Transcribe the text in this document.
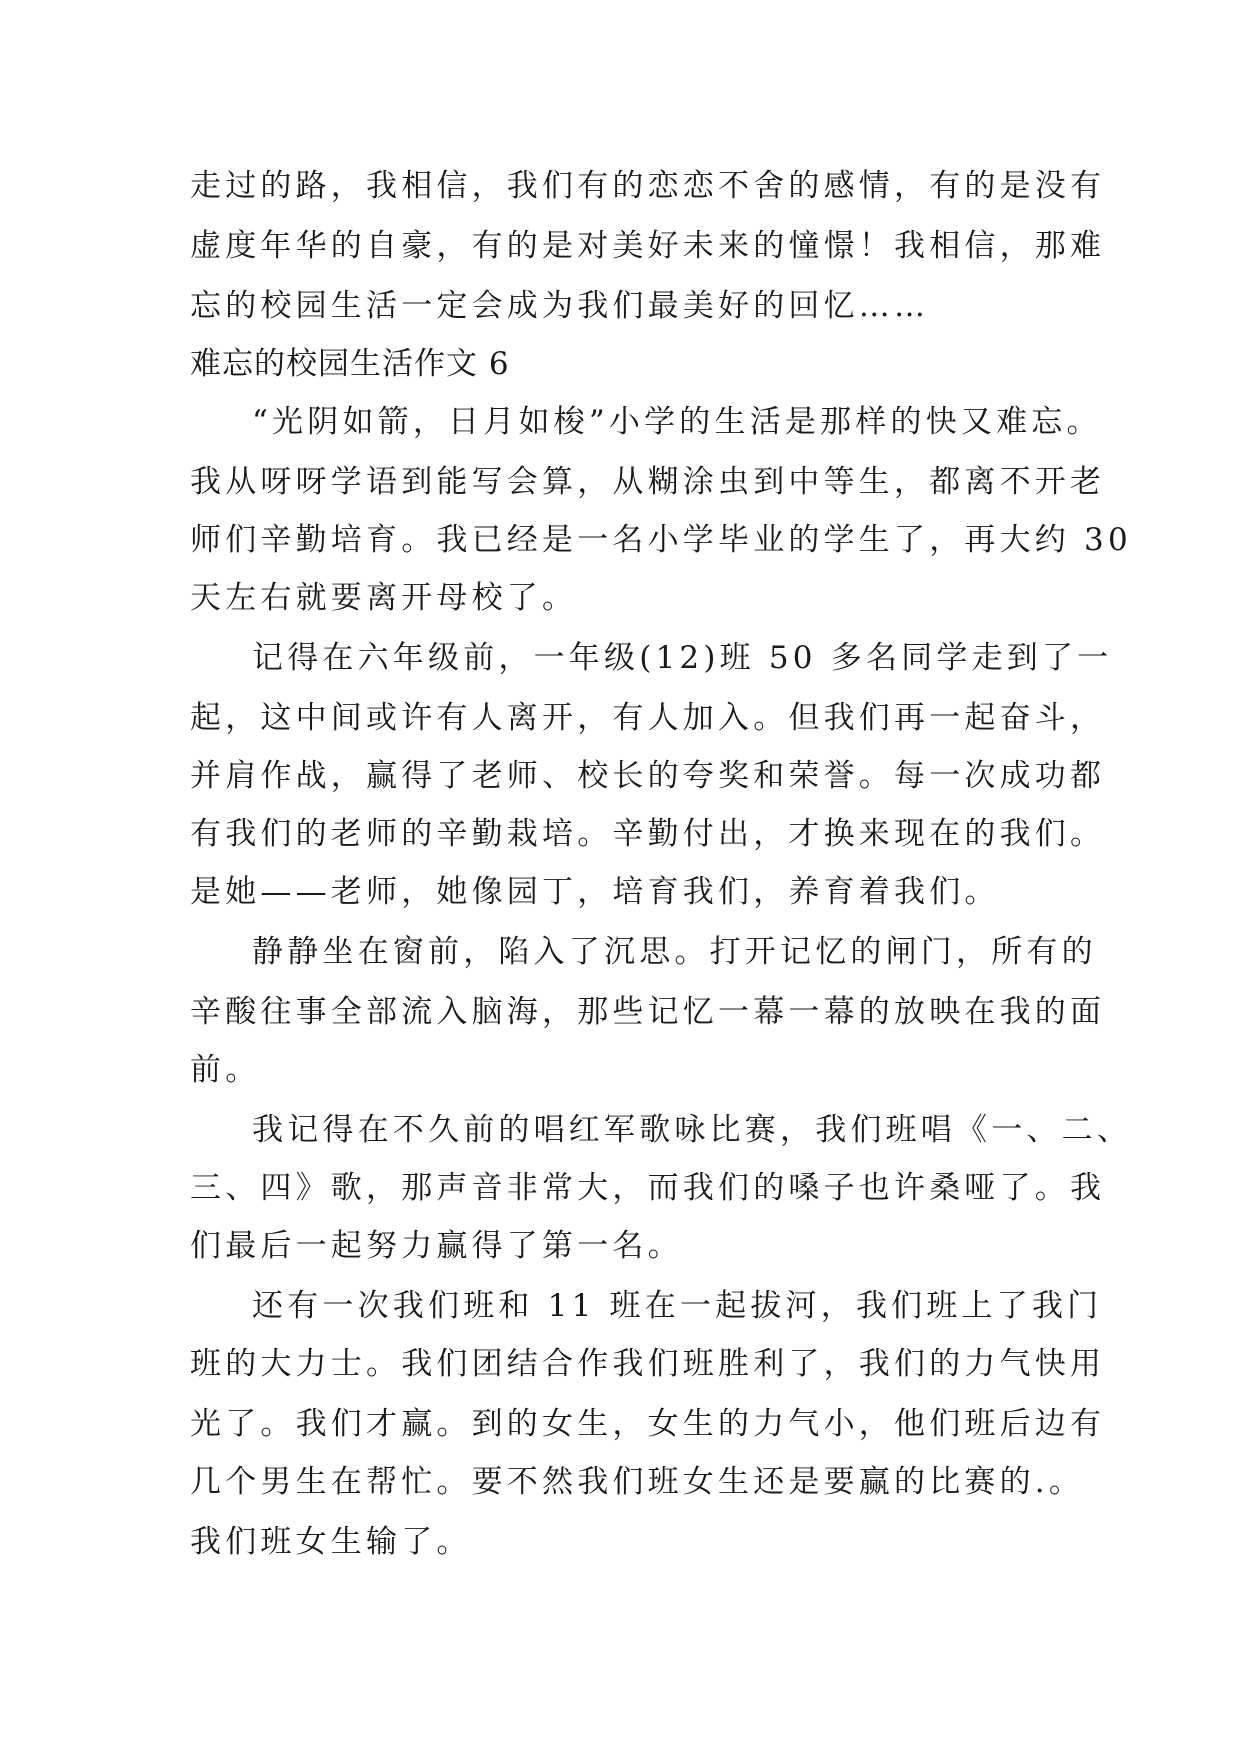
走过的路，我相信，我们有的恋恋不舍的感情，有的是没有
虚度年华的自豪，有的是对美好未来的憧憬！我相信，那难
忘的校园生活一定会成为我们最美好的回忆……
难忘的校园生活作文 6
“光阴如箭，日月如梭”小学的生活是那样的快又难忘。
我从呀呀学语到能写会算，从糊涂虫到中等生，都离不开老
师们辛勤培育。我已经是一名小学毕业的学生了，再大约 30
天左右就要离开母校了。
记得在六年级前，一年级(12)班 50 多名同学走到了一
起，这中间或许有人离开，有人加入。但我们再一起奋斗，
并肩作战，赢得了老师、校长的夸奖和荣誉。每一次成功都
有我们的老师的辛勤栽培。辛勤付出，才换来现在的我们。
是她——老师，她像园丁，培育我们，养育着我们。
静静坐在窗前，陷入了沉思。打开记忆的闸门，所有的
辛酸往事全部流入脑海，那些记忆一幕一幕的放映在我的面
前。
我记得在不久前的唱红军歌咏比赛，我们班唱《一、二、
三、四》歌，那声音非常大，而我们的嗓子也许桑哑了。我
们最后一起努力赢得了第一名。
还有一次我们班和 11 班在一起拔河，我们班上了我门
班的大力士。我们团结合作我们班胜利了，我们的力气快用
光了。我们才赢。到的女生，女生的力气小，他们班后边有
几个男生在帮忙。要不然我们班女生还是要赢的比赛的.。
我们班女生输了。
